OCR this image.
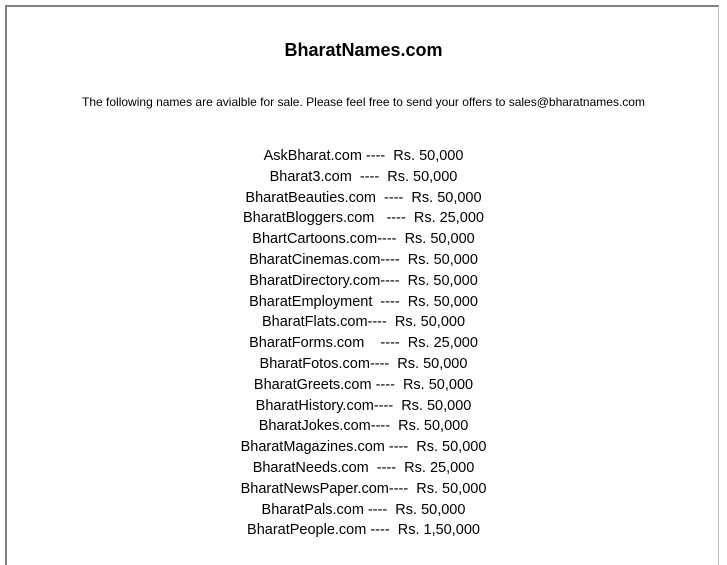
BharatNames.com
The following names are avialble for sale. Please feel free to send your offers to sales@bharatnames.com
AskBharat.com ----  Rs. 50,000
Bharat3.com  ----  Rs. 50,000
BharatBeauties.com  ----  Rs. 50,000
BharatBloggers.com   ----  Rs. 25,000
BhartCartoons.com----  Rs. 50,000
BharatCinemas.com----  Rs. 50,000
BharatDirectory.com----  Rs. 50,000
BharatEmployment  ----  Rs. 50,000
BharatFlats.com----  Rs. 50,000
BharatForms.com    ----  Rs. 25,000
BharatFotos.com----  Rs. 50,000
BharatGreets.com ----  Rs. 50,000
BharatHistory.com----  Rs. 50,000
BharatJokes.com----  Rs. 50,000
BharatMagazines.com ----  Rs. 50,000
BharatNeeds.com  ----  Rs. 25,000
BharatNewsPaper.com----  Rs. 50,000
BharatPals.com ----  Rs. 50,000
BharatPeople.com ----  Rs. 1,50,000
